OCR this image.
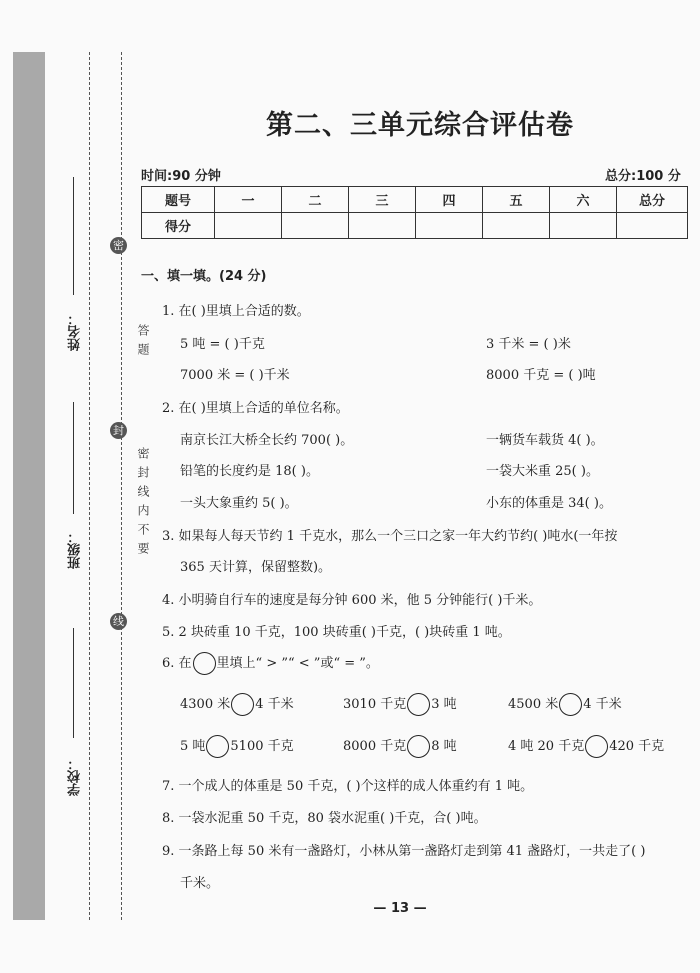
姓名：
班级：
学校：
密
答题
封
密封线内不要
线
第二、三单元综合评估卷
时间:90 分钟	总分:100 分
题号	一	二	三	四	五	六	总分
得分							
一、填一填。(24 分)
1. 在( )里填上合适的数。
5 吨 = ( )千克	3 千米 = ( )米
7000 米 = ( )千米	8000 千克 = ( )吨
2. 在( )里填上合适的单位名称。
南京长江大桥全长约 700( )。	一辆货车载货 4( )。
铅笔的长度约是 18( )。	一袋大米重 25( )。
一头大象重约 5( )。	小东的体重是 34( )。
3. 如果每人每天节约 1 千克水，那么一个三口之家一年大约节约( )吨水(一年按
365 天计算，保留整数)。
4. 小明骑自行车的速度是每分钟 600 米，他 5 分钟能行( )千米。
5. 2 块砖重 10 千克，100 块砖重( )千克，( )块砖重 1 吨。
6. 在 里填上“ > ”“ < ”或“ = ”。
4300 米 4 千米	3010 千克 3 吨	4500 米 4 千米
5 吨 5100 千克	8000 千克 8 吨	4 吨 20 千克 420 千克
7. 一个成人的体重是 50 千克，( )个这样的成人体重约有 1 吨。
8. 一袋水泥重 50 千克，80 袋水泥重( )千克，合( )吨。
9. 一条路上每 50 米有一盏路灯，小林从第一盏路灯走到第 41 盏路灯，一共走了( )
千米。
— 13 —
